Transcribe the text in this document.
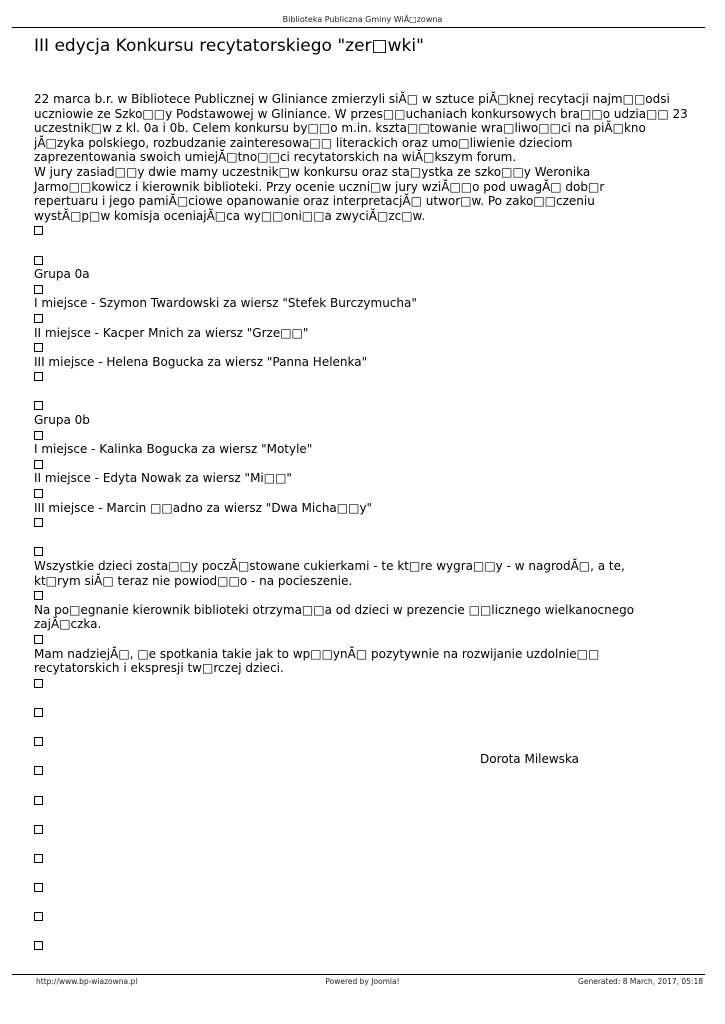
Biblioteka Publiczna Gminy WiĂ□zowna
III edycja Konkursu recytatorskiego "zer□wki"
22 marca b.r. w Bibliotece Publicznej w Gliniance zmierzyli siĂ□ w sztuce piĂ□knej recytacji najm□□odsi
uczniowie ze Szko□□y Podstawowej w Gliniance. W przes□□uchaniach konkursowych bra□□o udzia□□ 23
uczestnik□w z kl. 0a i 0b. Celem konkursu by□□o m.in. kszta□□towanie wra□liwo□□ci na piĂ□kno
jĂ□zyka polskiego, rozbudzanie zainteresowa□□ literackich oraz umo□liwienie dzieciom
zaprezentowania swoich umiejĂ□tno□□ci recytatorskich na wiĂ□kszym forum.
W jury zasiad□□y dwie mamy uczestnik□w konkursu oraz sta□ystka ze szko□□y Weronika
Jarmo□□kowicz i kierownik biblioteki. Przy ocenie uczni□w jury wziĂ□□o pod uwagĂ□ dob□r
repertuaru i jego pamiĂ□ciowe opanowanie oraz interpretacjĂ□ utwor□w. Po zako□□czeniu
wystĂ□p□w komisja oceniajĂ□ca wy□□oni□□a zwyciĂ□zc□w.
Grupa 0a
I miejsce - Szymon Twardowski za wiersz "Stefek Burczymucha"
II miejsce - Kacper Mnich za wiersz "Grze□□"
III miejsce - Helena Bogucka za wiersz "Panna Helenka"
Grupa 0b
I miejsce - Kalinka Bogucka za wiersz "Motyle"
II miejsce - Edyta Nowak za wiersz "Mi□□"
III miejsce - Marcin □□adno za wiersz "Dwa Micha□□y"
Wszystkie dzieci zosta□□y poczĂ□stowane cukierkami - te kt□re wygra□□y - w nagrodĂ□, a te,
kt□rym siĂ□ teraz nie powiod□□o - na pocieszenie.
Na po□egnanie kierownik biblioteki otrzyma□□a od dzieci w prezencie □□licznego wielkanocnego
zajĂ□czka.
Mam nadziejĂ□, □e spotkania takie jak to wp□□ynĂ□ pozytywnie na rozwijanie uzdolnie□□
recytatorskich i ekspresji tw□rczej dzieci.
Dorota Milewska
http://www.bp-wiazowna.pl	Powered by Joomla!	Generated: 8 March, 2017, 05:18
